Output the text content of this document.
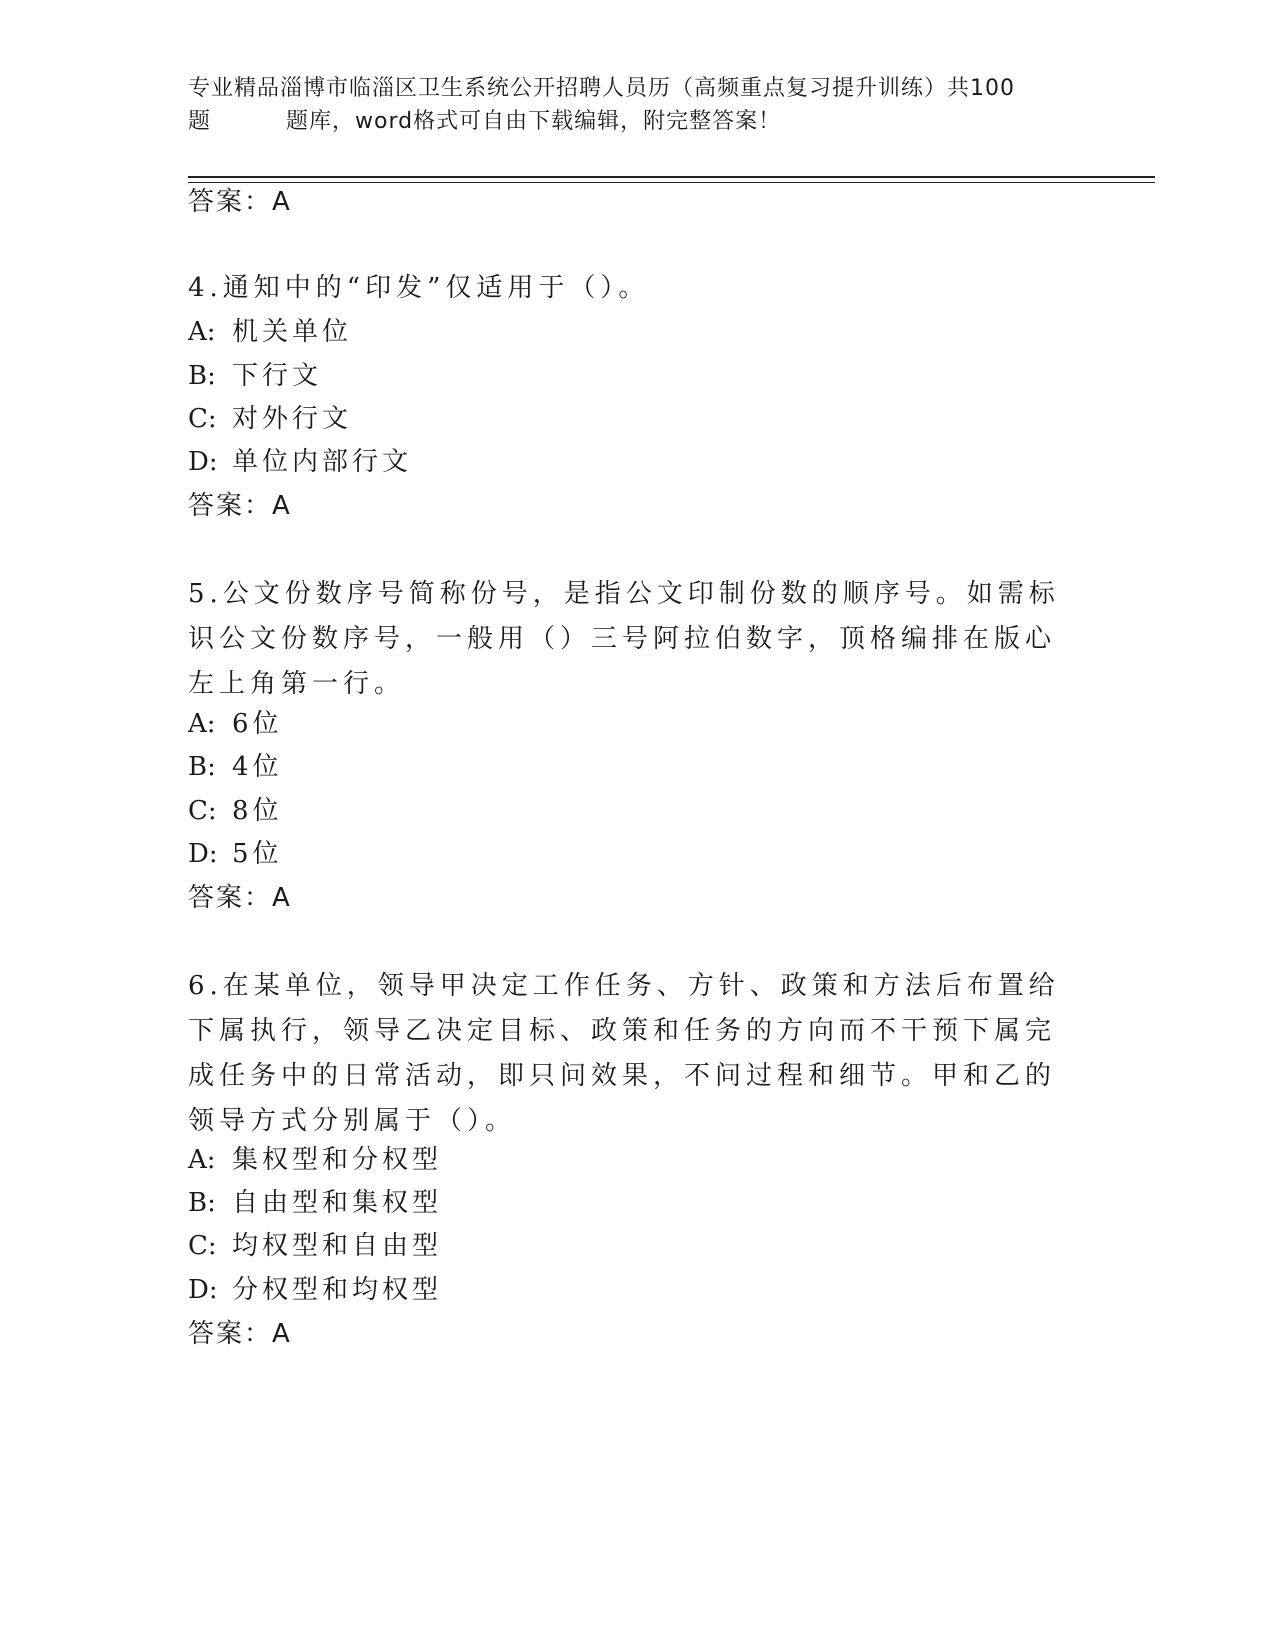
专业精品淄博市临淄区卫生系统公开招聘人员历（高频重点复习提升训练）共100
题	题库，word格式可自由下载编辑，附完整答案！
答案：A
4.通知中的“印发”仅适用于（）。
A: 机关单位
B: 下行文
C: 对外行文
D: 单位内部行文
答案：A
5.公文份数序号简称份号，是指公文印制份数的顺序号。如需标识公文份数序号，一般用（）三号阿拉伯数字，顶格编排在版心左上角第一行。
A: 6位
B: 4位
C: 8位
D: 5位
答案：A
6.在某单位，领导甲决定工作任务、方针、政策和方法后布置给下属执行，领导乙决定目标、政策和任务的方向而不干预下属完成任务中的日常活动，即只问效果，不问过程和细节。甲和乙的领导方式分别属于（）。
A: 集权型和分权型
B: 自由型和集权型
C: 均权型和自由型
D: 分权型和均权型
答案：A
